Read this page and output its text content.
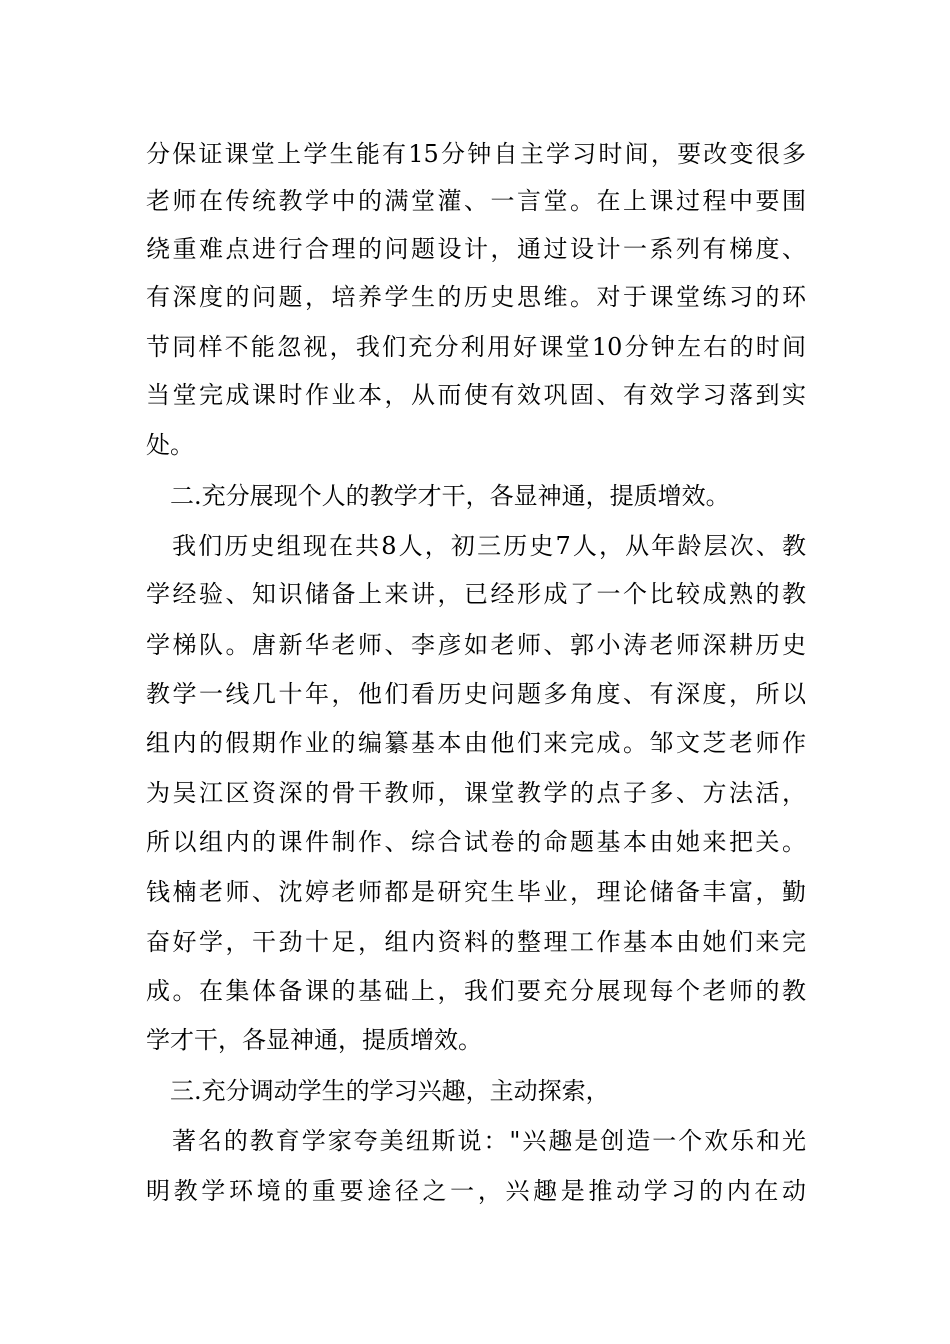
分保证课堂上学生能有15分钟自主学习时间，要改变很多
老师在传统教学中的满堂灌、一言堂。在上课过程中要围
绕重难点进行合理的问题设计，通过设计一系列有梯度、
有深度的问题，培养学生的历史思维。对于课堂练习的环
节同样不能忽视，我们充分利用好课堂10分钟左右的时间
当堂完成课时作业本，从而使有效巩固、有效学习落到实
处。
　二.充分展现个人的教学才干，各显神通，提质增效。
　我们历史组现在共8人，初三历史7人，从年龄层次、教
学经验、知识储备上来讲，已经形成了一个比较成熟的教
学梯队。唐新华老师、李彦如老师、郭小涛老师深耕历史
教学一线几十年，他们看历史问题多角度、有深度，所以
组内的假期作业的编纂基本由他们来完成。邹文芝老师作
为吴江区资深的骨干教师，课堂教学的点子多、方法活，
所以组内的课件制作、综合试卷的命题基本由她来把关。
钱楠老师、沈婷老师都是研究生毕业，理论储备丰富，勤
奋好学，干劲十足，组内资料的整理工作基本由她们来完
成。在集体备课的基础上，我们要充分展现每个老师的教
学才干，各显神通，提质增效。
　三.充分调动学生的学习兴趣，主动探索，
　著名的教育学家夸美纽斯说："兴趣是创造一个欢乐和光
明教学环境的重要途径之一，兴趣是推动学习的内在动
